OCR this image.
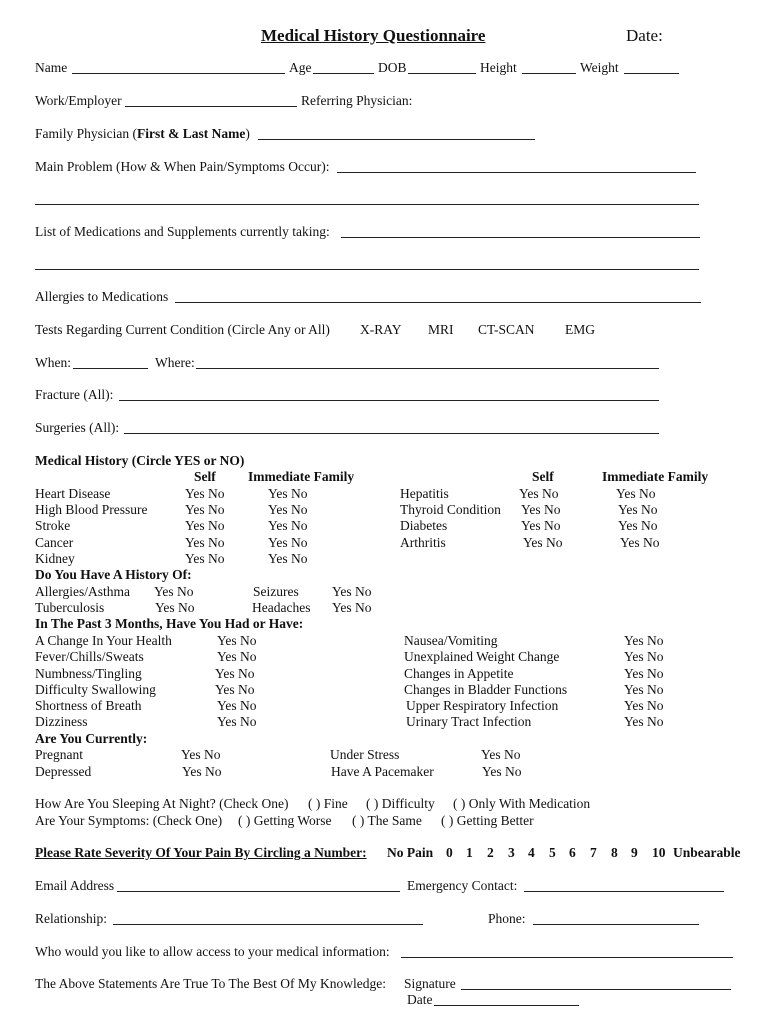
Medical History Questionnaire	Date:
Name	Age	DOB	Height	Weight
Work/Employer	Referring Physician:
Family Physician (First & Last Name)
Main Problem (How & When Pain/Symptoms Occur):
List of Medications and Supplements currently taking:
Allergies to Medications
Tests Regarding Current Condition (Circle Any or All) X-RAY MRI CT-SCAN EMG
When:	Where:
Fracture (All):
Surgeries (All):
Medical History (Circle YES or NO)
Self Immediate Family	Self	Immediate Family
Heart Disease	Yes No	Yes No
High Blood Pressure	Yes No	Yes No
Stroke	Yes No	Yes No
Cancer	Yes No	Yes No
Kidney	Yes No	Yes No
Hepatitis	Yes No	Yes No
Thyroid Condition Yes No	Yes No
Diabetes	Yes No	Yes No
Arthritis	Yes No	Yes No
Do You Have A History Of:
Allergies/Asthma Yes No	Seizures Yes No
Tuberculosis	Yes No	Headaches Yes No
In The Past 3 Months, Have You Had or Have:
A Change In Your Health	Yes No
Fever/Chills/Sweats	Yes No
Numbness/Tingling	Yes No
Difficulty Swallowing	Yes No
Shortness of Breath	Yes No
Dizziness	Yes No
Nausea/Vomiting	Yes No
Unexplained Weight Change	Yes No
Changes in Appetite	Yes No
Changes in Bladder Functions	Yes No
Upper Respiratory Infection	Yes No
Urinary Tract Infection	Yes No
Are You Currently:
Pregnant	Yes No	Under Stress	Yes No
Depressed	Yes No	Have A Pacemaker	Yes No
How Are You Sleeping At Night? (Check One) ( ) Fine ( ) Difficulty ( ) Only With Medication
Are Your Symptoms: (Check One) ( ) Getting Worse ( ) The Same ( ) Getting Better
Please Rate Severity Of Your Pain By Circling a Number: No Pain 0 1 2 3 4 5 6 7 8 9 10 Unbearable
Email Address	Emergency Contact:
Relationship:	Phone:
Who would you like to allow access to your medical information:
The Above Statements Are True To The Best Of My Knowledge: Signature
Date
